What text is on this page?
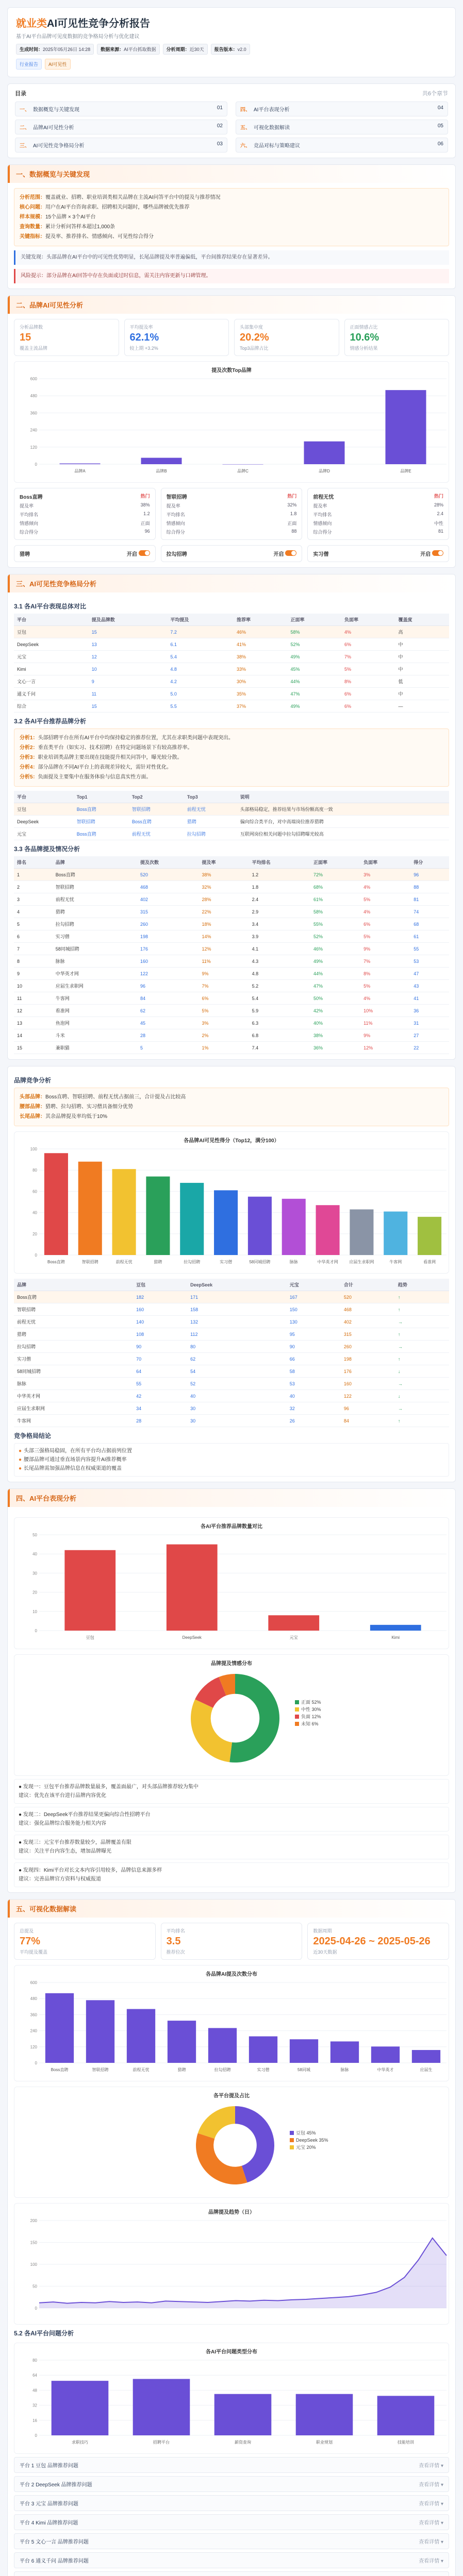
就业类AI可见性竞争分析报告
基于AI平台品牌可见度数据的竞争格局分析与优化建议
生成时间：2025年05月26日 14:28	数据来源：AI平台抓取数据	分析周期：近30天	报告版本：v2.0
行业报告	AI可见性
目录	共6个章节
一、 数据概览与关键发现	01	四、 AI平台表现分析	04
二、 品牌AI可见性分析	02	五、 可视化数据解读	05
三、 AI可见性竞争格局分析	03	六、 竞品对标与策略建议	06
一、数据概览与关键发现
分析范围：覆盖就业、招聘、职业培训类相关品牌在主流AI问答平台中的提及与推荐情况
核心问题：用户在AI平台咨询求职、招聘相关问题时，哪些品牌被优先推荐
样本规模：15个品牌 × 3个AI平台
查询数量：累计分析问答样本超过1,000条
关键指标：提及率、推荐排名、情感倾向、可见性综合得分
关键发现：头部品牌在AI平台中的可见性优势明显，长尾品牌提及率普遍偏低，平台间推荐结果存在显著差异。
风险提示：部分品牌在AI回答中存在负面或过时信息，需关注内容更新与口碑管理。
二、品牌AI可见性分析
分析品牌数
15
覆盖主流品牌
平均提及率
62.1%
较上期 +3.2%
头部集中度
20.2%
Top3品牌占比
正面情感占比
10.6%
情感分析结果
提及次数Top品牌
0
120
240
360
480
600
品牌A	品牌B	品牌C	品牌D	品牌E
Boss直聘	热门
提及率	38%
平均排名	1.2
情感倾向	正面
综合得分	96
智联招聘	热门
提及率	32%
平均排名	1.8
情感倾向	正面
综合得分	88
前程无忧	热门
提及率	28%
平均排名	2.4
情感倾向	中性
综合得分	81
猎聘	开启	拉勾招聘	开启	实习僧	开启
三、AI可见性竞争格局分析
3.1 各AI平台表现总体对比
平台	提及品牌数	平均提及	推荐率	正面率	负面率	覆盖度
豆包	15	7.2	46%	58%	4%	高
DeepSeek	13	6.1	41%	52%	6%	中
元宝	12	5.4	38%	49%	7%	中
Kimi	10	4.8	33%	45%	5%	中
文心一言	9	4.2	30%	44%	8%	低
通义千问	11	5.0	35%	47%	6%	中
综合	15	5.5	37%	49%	6%	—
3.2 各AI平台推荐品牌分析
分析1：头部招聘平台在所有AI平台中均保持稳定的推荐位置，尤其在求职类问题中表现突出。
分析2：垂直类平台（如实习、技术招聘）在特定问题场景下有较高推荐率。
分析3：职业培训类品牌主要出现在技能提升相关问答中，曝光较分散。
分析4：部分品牌在不同AI平台上的表现差异较大，需针对性优化。
分析5：负面提及主要集中在服务体验与信息真实性方面。
平台	Top1	Top2	Top3	说明
豆包	Boss直聘	智联招聘	前程无忧	头部格局稳定，推荐结果与市场份额高度一致
DeepSeek	智联招聘	Boss直聘	猎聘	偏向综合类平台，对中高端岗位推荐猎聘
元宝	Boss直聘	前程无忧	拉勾招聘	互联网岗位相关问题中拉勾招聘曝光较高
3.3 各品牌提及情况分析
排名	品牌	提及次数	提及率	平均排名	正面率	负面率	得分
1	Boss直聘	520	38%	1.2	72%	3%	96
2	智联招聘	468	32%	1.8	68%	4%	88
3	前程无忧	402	28%	2.4	61%	5%	81
4	猎聘	315	22%	2.9	58%	4%	74
5	拉勾招聘	260	18%	3.4	55%	6%	68
6	实习僧	198	14%	3.9	52%	5%	61
7	58同城招聘	176	12%	4.1	46%	9%	55
8	脉脉	160	11%	4.3	49%	7%	53
9	中华英才网	122	9%	4.8	44%	8%	47
10	应届生求职网	96	7%	5.2	47%	5%	43
11	牛客网	84	6%	5.4	50%	4%	41
12	看准网	62	5%	5.9	42%	10%	36
13	鱼泡网	45	3%	6.3	40%	11%	31
14	斗米	28	2%	6.8	38%	9%	27
15	兼职猫	5	1%	7.4	36%	12%	22
品牌竞争分析
头部品牌：Boss直聘、智联招聘、前程无忧占据前三，合计提及占比较高
腰部品牌：猎聘、拉勾招聘、实习僧具备细分优势
长尾品牌：其余品牌提及率均低于10%
各品牌AI可见性得分（Top12，满分100）
0
20
40
60
80
100
Boss直聘	智联招聘	前程无忧	猎聘	拉勾招聘	实习僧	58同城招聘	脉脉	中华英才网	应届生求职网	牛客网	看准网
品牌	豆包	DeepSeek	元宝	合计	趋势
Boss直聘	182	171	167	520	↑
智联招聘	160	158	150	468	↑
前程无忧	140	132	130	402	→
猎聘	108	112	95	315	↑
拉勾招聘	90	80	90	260	→
实习僧	70	62	66	198	↑
58同城招聘	64	54	58	176	↓
脉脉	55	52	53	160	→
中华英才网	42	40	40	122	↓
应届生求职网	34	30	32	96	→
牛客网	28	30	26	84	↑
竞争格局结论
● 头部三强格局稳固，在所有平台均占据前列位置
● 腰部品牌可通过垂直场景内容提升AI推荐概率
● 长尾品牌需加强品牌信息在权威渠道的覆盖
四、AI平台表现分析
各AI平台推荐品牌数量对比
0
10
20
30
40
50
豆包	DeepSeek	元宝	Kimi
品牌提及情感分布
正面 52%
中性 30%
负面 12%
未知 6%
● 发现一：豆包平台推荐品牌数量最多，覆盖面最广，对头部品牌推荐较为集中
建议：优先在该平台进行品牌内容优化
● 发现二：DeepSeek平台推荐结果更偏向综合性招聘平台
建议：强化品牌综合服务能力相关内容
● 发现三：元宝平台推荐数量较少，品牌覆盖有限
建议：关注平台内容生态，增加品牌曝光
● 发现四：Kimi平台对长文本内容引用较多，品牌信息来源多样
建议：完善品牌官方资料与权威报道
五、可视化数据解读
总提及
77%
平均提及覆盖
平均排名
3.5
推荐位次
数据周期
2025-04-26 ~ 2025-05-26
近30天数据
各品牌AI提及次数分布
0
120
240
360
480
600
Boss直聘	智联招聘	前程无忧	猎聘	拉勾招聘	实习僧	58同城	脉脉	中华英才	应届生
各平台提及占比
豆包 45%
DeepSeek 35%
元宝 20%
品牌提及趋势（日）
0
50
100
150
200
5.2 各AI平台问题分析
各AI平台问题类型分布
0
16
32
48
64
80
求职技巧	招聘平台	薪资查询	职业规划	技能培训
平台 1 豆包 品牌推荐问题	查看详情 ▾
平台 2 DeepSeek 品牌推荐问题	查看详情 ▾
平台 3 元宝 品牌推荐问题	查看详情 ▾
平台 4 Kimi 品牌推荐问题	查看详情 ▾
平台 5 文心一言 品牌推荐问题	查看详情 ▾
平台 6 通义千问 品牌推荐问题	查看详情 ▾
